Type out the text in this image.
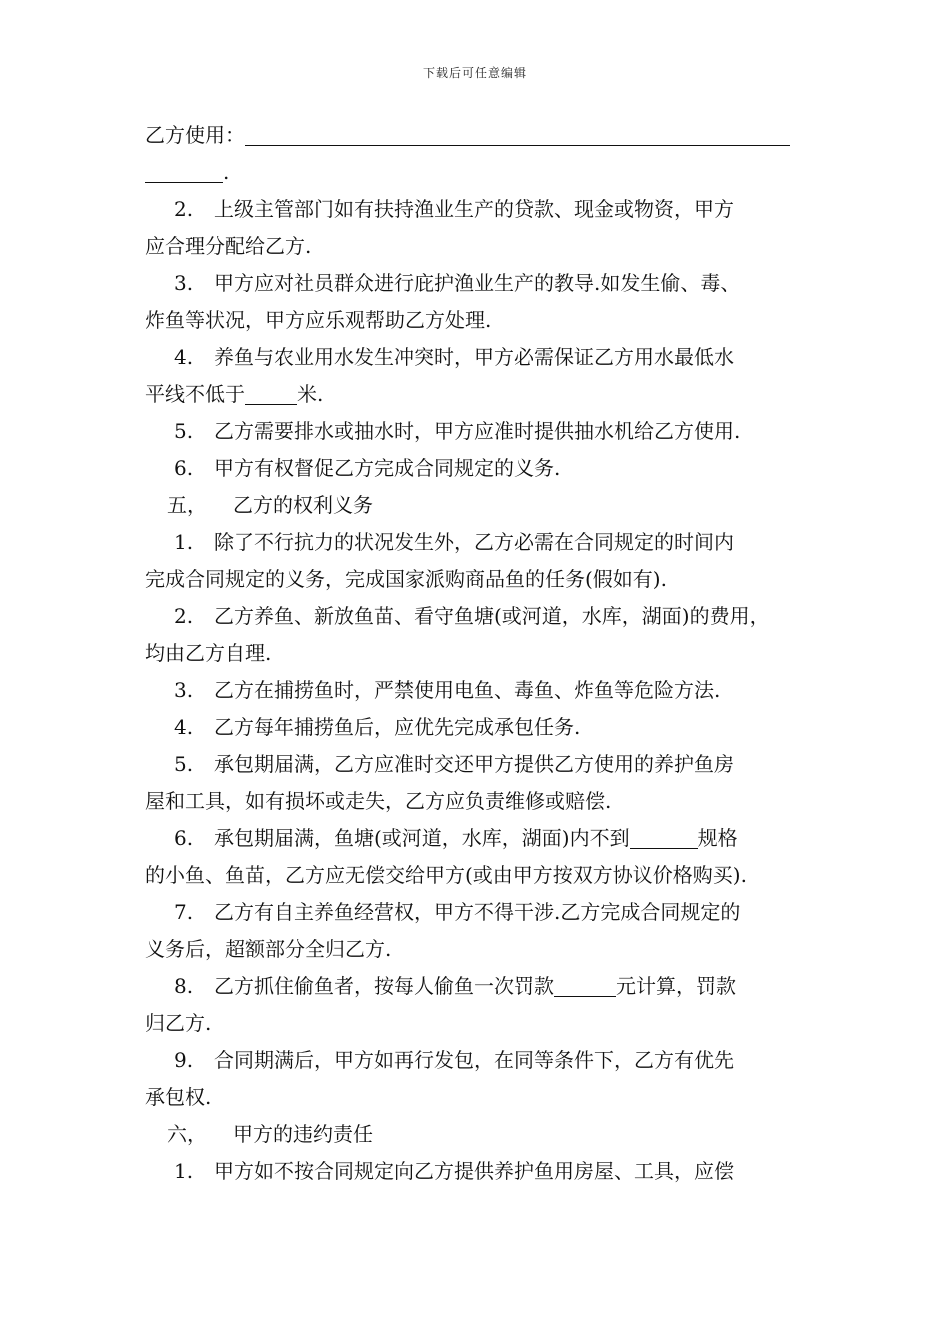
下载后可任意编辑
乙方使用：
.
2. 上级主管部门如有扶持渔业生产的贷款、现金或物资，甲方
应合理分配给乙方.
3. 甲方应对社员群众进行庇护渔业生产的教导.如发生偷、毒、
炸鱼等状况，甲方应乐观帮助乙方处理.
4. 养鱼与农业用水发生冲突时，甲方必需保证乙方用水最低水
平线不低于	米.
5. 乙方需要排水或抽水时，甲方应准时提供抽水机给乙方使用.
6. 甲方有权督促乙方完成合同规定的义务.
五， 乙方的权利义务
1. 除了不行抗力的状况发生外，乙方必需在合同规定的时间内
完成合同规定的义务，完成国家派购商品鱼的任务(假如有).
2. 乙方养鱼、新放鱼苗、看守鱼塘(或河道，水库，湖面)的费用，
均由乙方自理.
3. 乙方在捕捞鱼时，严禁使用电鱼、毒鱼、炸鱼等危险方法.
4. 乙方每年捕捞鱼后，应优先完成承包任务.
5. 承包期届满，乙方应准时交还甲方提供乙方使用的养护鱼房
屋和工具，如有损坏或走失，乙方应负责维修或赔偿.
6. 承包期届满，鱼塘(或河道，水库，湖面)内不到	规格
的小鱼、鱼苗，乙方应无偿交给甲方(或由甲方按双方协议价格购买).
7. 乙方有自主养鱼经营权，甲方不得干涉.乙方完成合同规定的
义务后，超额部分全归乙方.
8. 乙方抓住偷鱼者，按每人偷鱼一次罚款	元计算，罚款
归乙方.
9. 合同期满后，甲方如再行发包，在同等条件下，乙方有优先
承包权.
六， 甲方的违约责任
1. 甲方如不按合同规定向乙方提供养护鱼用房屋、工具，应偿
